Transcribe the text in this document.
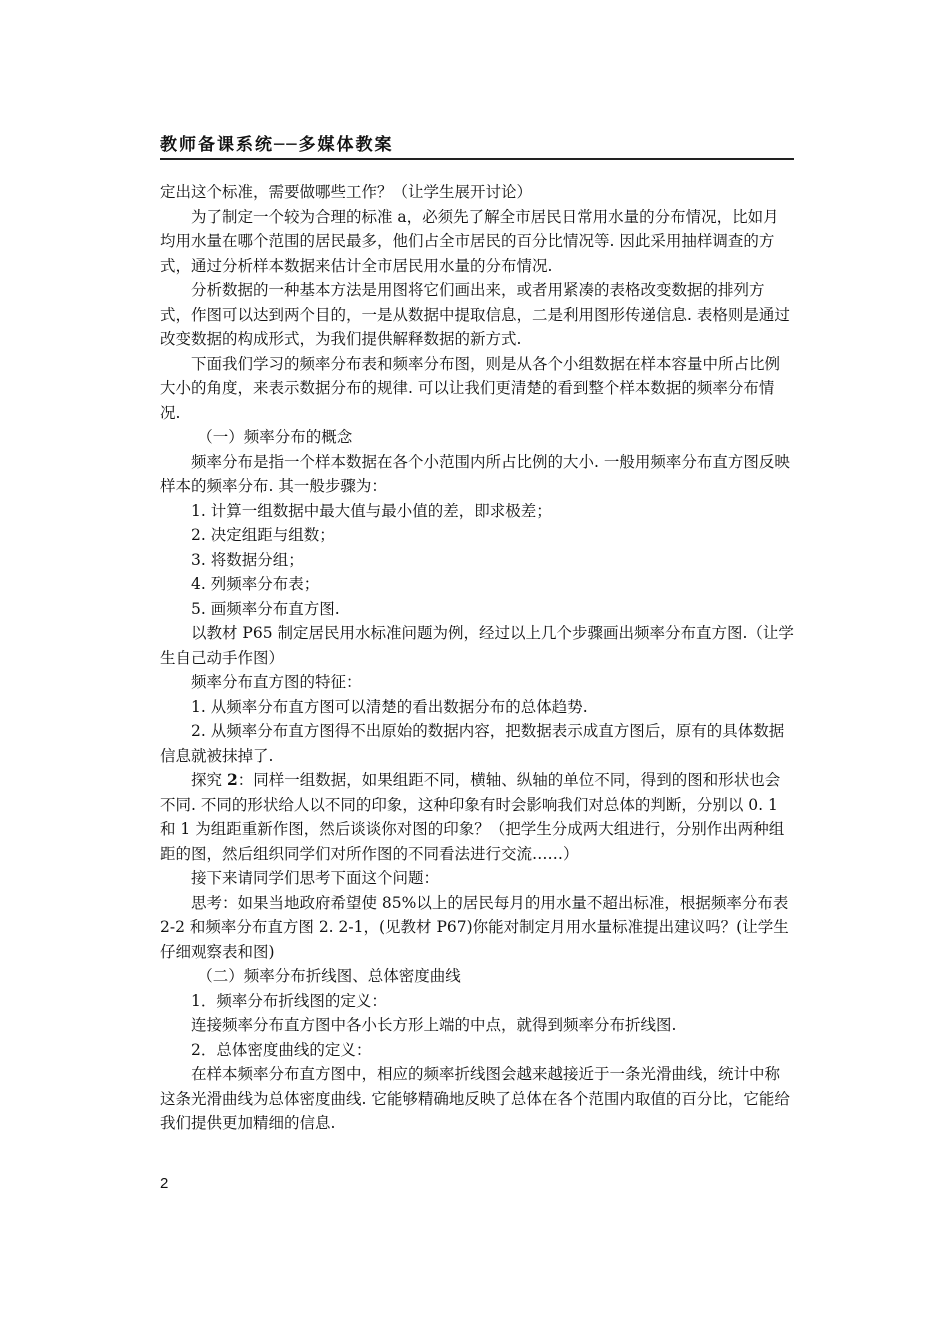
教师备课系统──多媒体教案

定出这个标准，需要做哪些工作？（让学生展开讨论）

为了制定一个较为合理的标准 a，必须先了解全市居民日常用水量的分布情况，比如月均用水量在哪个范围的居民最多，他们占全市居民的百分比情况等. 因此采用抽样调查的方式，通过分析样本数据来估计全市居民用水量的分布情况.

分析数据的一种基本方法是用图将它们画出来，或者用紧凑的表格改变数据的排列方式，作图可以达到两个目的，一是从数据中提取信息，二是利用图形传递信息. 表格则是通过改变数据的构成形式，为我们提供解释数据的新方式.

下面我们学习的频率分布表和频率分布图，则是从各个小组数据在样本容量中所占比例大小的角度，来表示数据分布的规律. 可以让我们更清楚的看到整个样本数据的频率分布情况.

（一）频率分布的概念

频率分布是指一个样本数据在各个小范围内所占比例的大小. 一般用频率分布直方图反映样本的频率分布. 其一般步骤为：

1. 计算一组数据中最大值与最小值的差，即求极差；

2. 决定组距与组数；

3. 将数据分组；

4. 列频率分布表；

5. 画频率分布直方图.

以教材 P65 制定居民用水标准问题为例，经过以上几个步骤画出频率分布直方图.（让学生自己动手作图）

频率分布直方图的特征：

1. 从频率分布直方图可以清楚的看出数据分布的总体趋势.

2. 从频率分布直方图得不出原始的数据内容，把数据表示成直方图后，原有的具体数据信息就被抹掉了.

探究 2：同样一组数据，如果组距不同，横轴、纵轴的单位不同，得到的图和形状也会不同. 不同的形状给人以不同的印象，这种印象有时会影响我们对总体的判断，分别以 0. 1 和 1 为组距重新作图，然后谈谈你对图的印象？（把学生分成两大组进行，分别作出两种组距的图，然后组织同学们对所作图的不同看法进行交流……）

接下来请同学们思考下面这个问题：

思考：如果当地政府希望使 85%以上的居民每月的用水量不超出标准，根据频率分布表 2-2 和频率分布直方图 2. 2-1，(见教材 P67)你能对制定月用水量标准提出建议吗？(让学生仔细观察表和图)

（二）频率分布折线图、总体密度曲线

1．频率分布折线图的定义：

连接频率分布直方图中各小长方形上端的中点，就得到频率分布折线图.

2．总体密度曲线的定义：

在样本频率分布直方图中，相应的频率折线图会越来越接近于一条光滑曲线，统计中称这条光滑曲线为总体密度曲线. 它能够精确地反映了总体在各个范围内取值的百分比，它能给我们提供更加精细的信息.

2
